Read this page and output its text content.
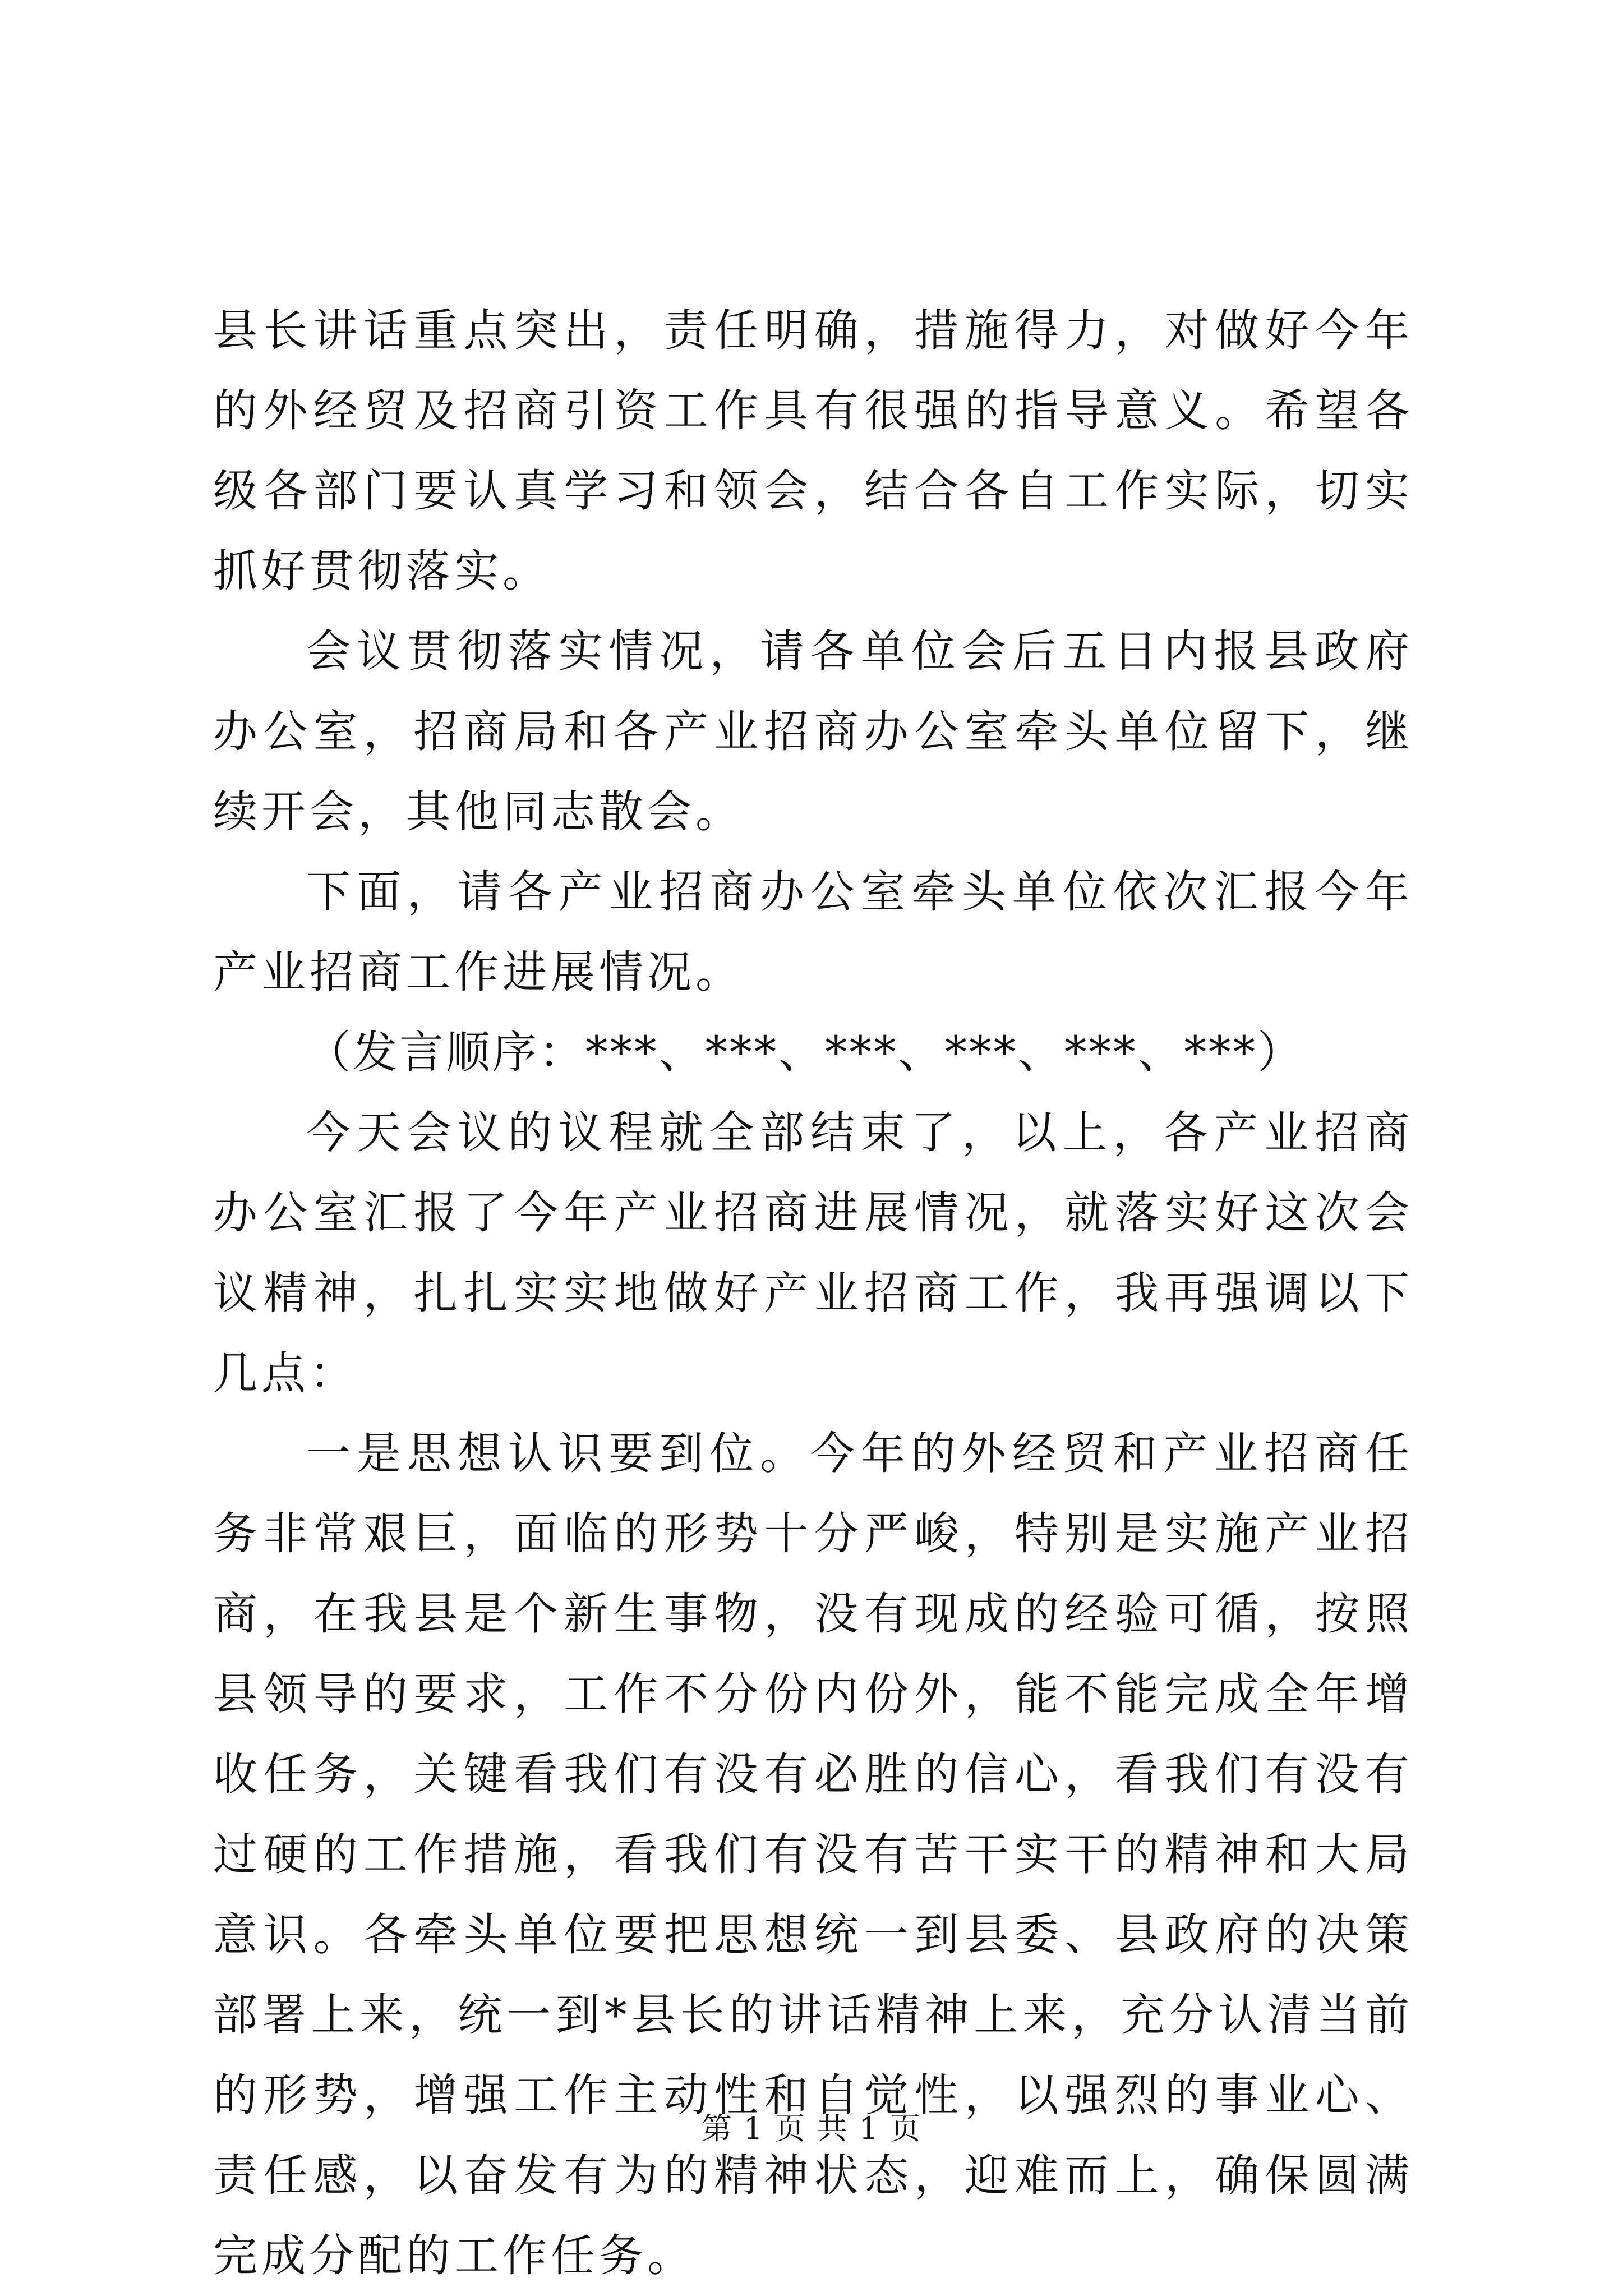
县长讲话重点突出，责任明确，措施得力，对做好今年的外经贸及招商引资工作具有很强的指导意义。希望各级各部门要认真学习和领会，结合各自工作实际，切实抓好贯彻落实。

会议贯彻落实情况，请各单位会后五日内报县政府办公室，招商局和各产业招商办公室牵头单位留下，继续开会，其他同志散会。

下面，请各产业招商办公室牵头单位依次汇报今年产业招商工作进展情况。

（发言顺序：***、***、***、***、***、***）

今天会议的议程就全部结束了，以上，各产业招商办公室汇报了今年产业招商进展情况，就落实好这次会议精神，扎扎实实地做好产业招商工作，我再强调以下几点：

一是思想认识要到位。今年的外经贸和产业招商任务非常艰巨，面临的形势十分严峻，特别是实施产业招商，在我县是个新生事物，没有现成的经验可循，按照县领导的要求，工作不分份内份外，能不能完成全年增收任务，关键看我们有没有必胜的信心，看我们有没有过硬的工作措施，看我们有没有苦干实干的精神和大局意识。各牵头单位要把思想统一到县委、县政府的决策部署上来，统一到*县长的讲话精神上来，充分认清当前的形势，增强工作主动性和自觉性，以强烈的事业心、责任感，以奋发有为的精神状态，迎难而上，确保圆满完成分配的工作任务。

第 1 页 共 1 页
